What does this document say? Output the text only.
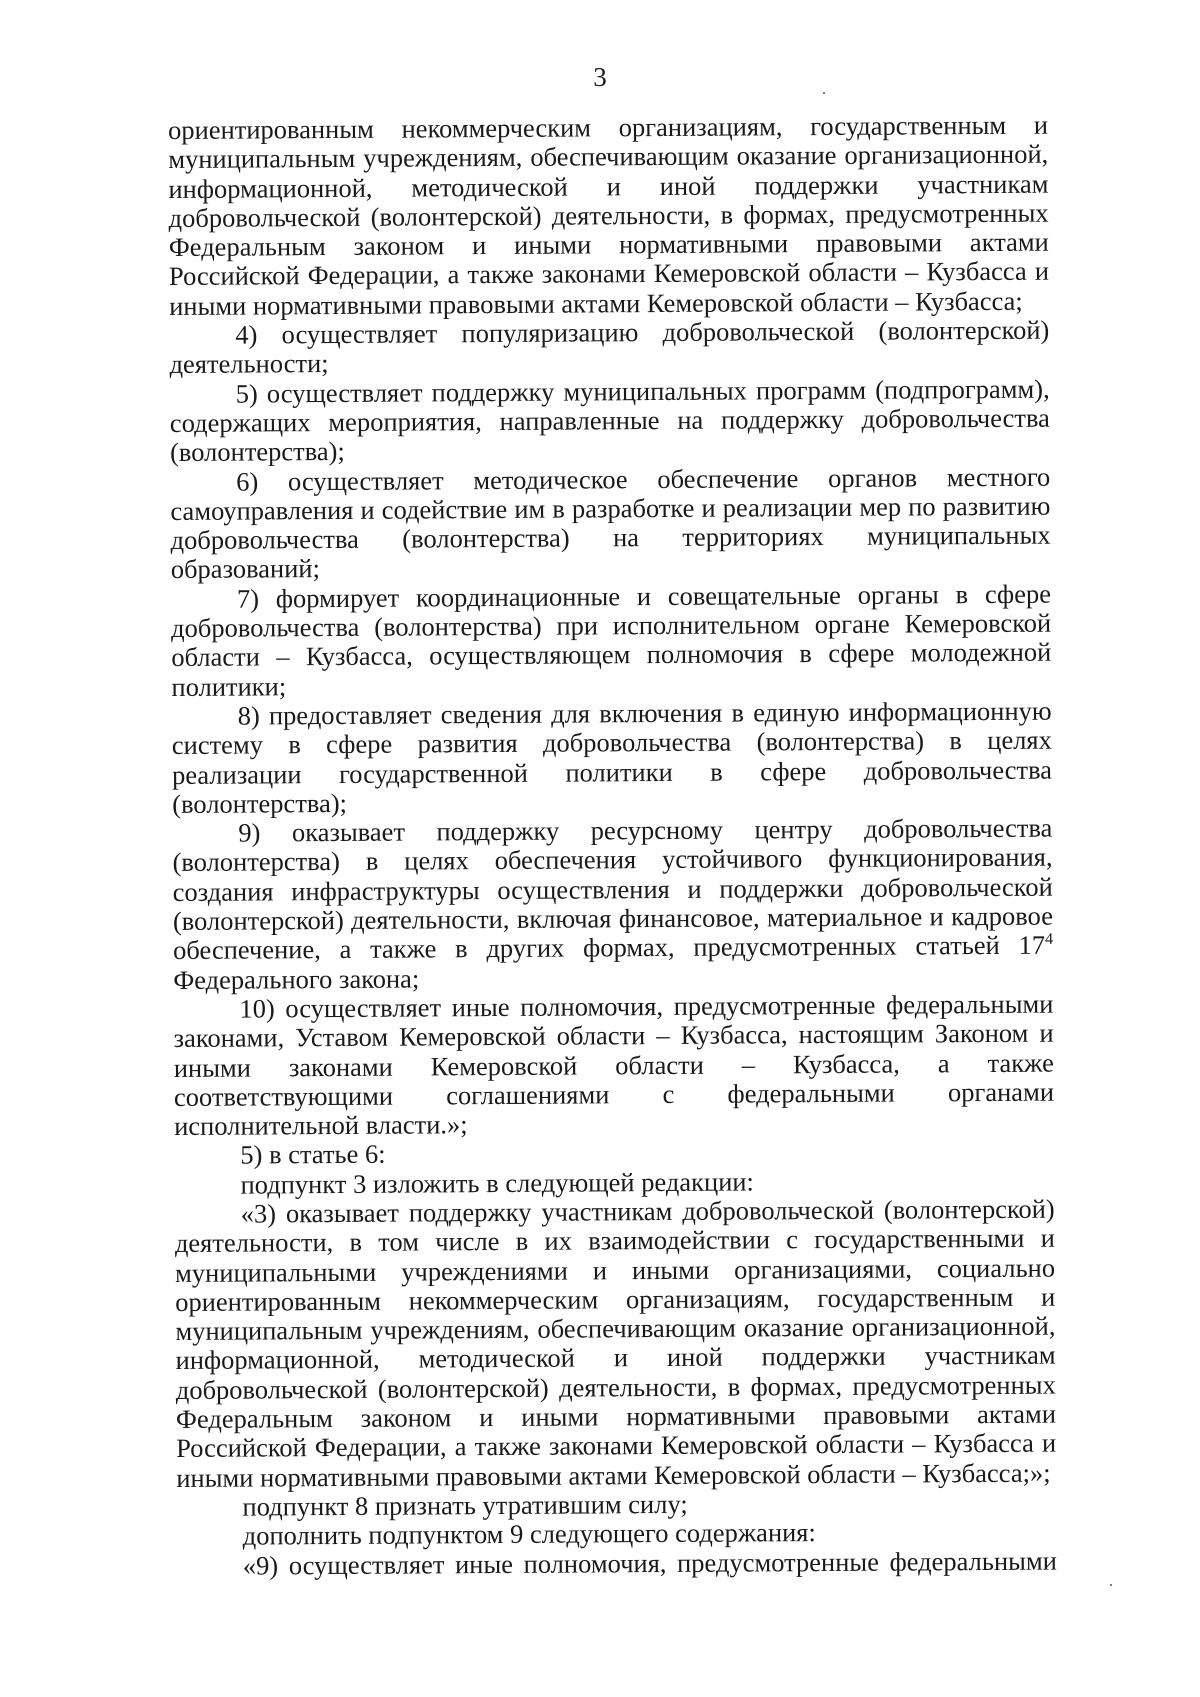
3

ориентированным некоммерческим организациям, государственным и муниципальным учреждениям, обеспечивающим оказание организационной, информационной, методической и иной поддержки участникам добровольческой (волонтерской) деятельности, в формах, предусмотренных Федеральным законом и иными нормативными правовыми актами Российской Федерации, а также законами Кемеровской области – Кузбасса и иными нормативными правовыми актами Кемеровской области – Кузбасса;

4) осуществляет популяризацию добровольческой (волонтерской) деятельности;

5) осуществляет поддержку муниципальных программ (подпрограмм), содержащих мероприятия, направленные на поддержку добровольчества (волонтерства);

6) осуществляет методическое обеспечение органов местного самоуправления и содействие им в разработке и реализации мер по развитию добровольчества (волонтерства) на территориях муниципальных образований;

7) формирует координационные и совещательные органы в сфере добровольчества (волонтерства) при исполнительном органе Кемеровской области – Кузбасса, осуществляющем полномочия в сфере молодежной политики;

8) предоставляет сведения для включения в единую информационную систему в сфере развития добровольчества (волонтерства) в целях реализации государственной политики в сфере добровольчества (волонтерства);

9) оказывает поддержку ресурсному центру добровольчества (волонтерства) в целях обеспечения устойчивого функционирования, создания инфраструктуры осуществления и поддержки добровольческой (волонтерской) деятельности, включая финансовое, материальное и кадровое обеспечение, а также в других формах, предусмотренных статьей $17^4$ Федерального закона;

10) осуществляет иные полномочия, предусмотренные федеральными законами, Уставом Кемеровской области – Кузбасса, настоящим Законом и иными законами Кемеровской области – Кузбасса, а также соответствующими соглашениями с федеральными органами исполнительной власти.»;

5) в статье 6:

подпункт 3 изложить в следующей редакции:

«3) оказывает поддержку участникам добровольческой (волонтерской) деятельности, в том числе в их взаимодействии с государственными и муниципальными учреждениями и иными организациями, социально ориентированным некоммерческим организациям, государственным и муниципальным учреждениям, обеспечивающим оказание организационной, информационной, методической и иной поддержки участникам добровольческой (волонтерской) деятельности, в формах, предусмотренных Федеральным законом и иными нормативными правовыми актами Российской Федерации, а также законами Кемеровской области – Кузбасса и иными нормативными правовыми актами Кемеровской области – Кузбасса;»;

подпункт 8 признать утратившим силу;

дополнить подпунктом 9 следующего содержания:

«9) осуществляет иные полномочия, предусмотренные федеральными
